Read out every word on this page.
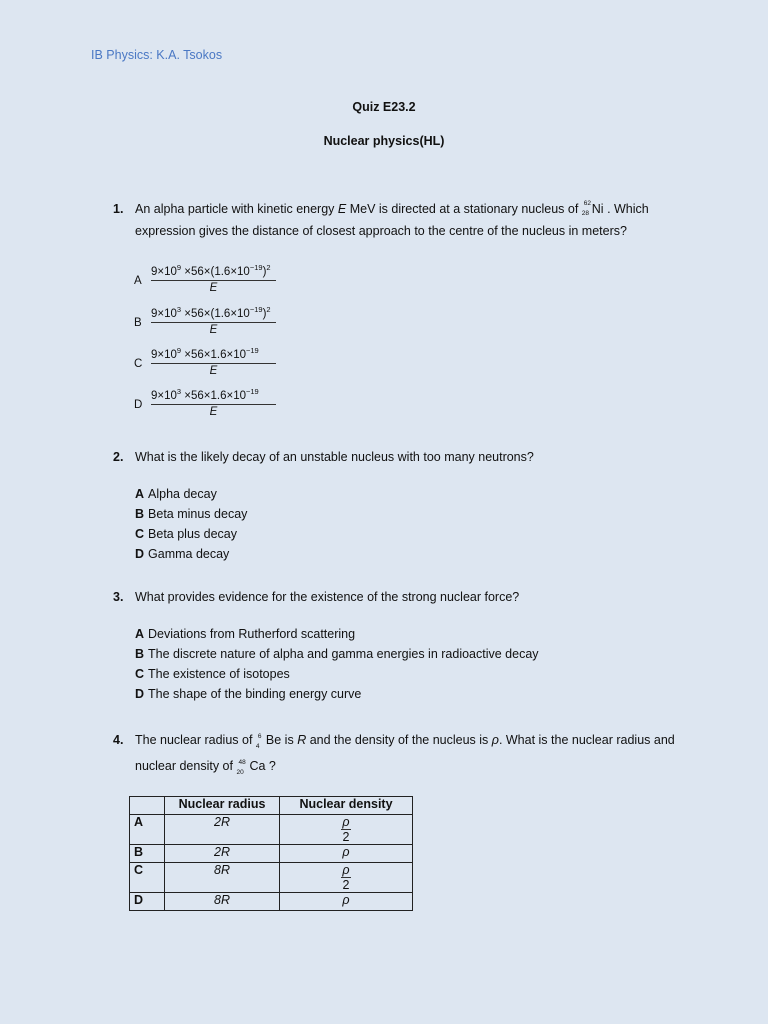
IB Physics: K.A. Tsokos
Quiz E23.2
Nuclear physics(HL)
1. An alpha particle with kinetic energy E MeV is directed at a stationary nucleus of 62
28 Ni . Which expression gives the distance of closest approach to the centre of the nucleus in meters?
A
$9\times 10^9 \times 56\times(1.6\times 10^{-19})^2$
E
B
$9\times 10^3 \times 56\times(1.6\times 10^{-19})^2$
E
C
$9\times 10^9 \times 56\times 1.6\times 10^{-19}$
E
D
$9\times 10^3 \times 56\times 1.6\times 10^{-19}$
E
2. What is the likely decay of an unstable nucleus with too many neutrons?
A Alpha decay
B Beta minus decay
C Beta plus decay
D Gamma decay
3. What provides evidence for the existence of the strong nuclear force?
A Deviations from Rutherford scattering
B The discrete nature of alpha and gamma energies in radioactive decay
C The existence of isotopes
D The shape of the binding energy curve
4. The nuclear radius of 6
4 Be is R and the density of the nucleus is ρ. What is the nuclear radius and nuclear density of 48
20 Ca ?
	Nuclear radius	Nuclear density
A	2R	$\frac{\rho}{2}$
B	2R	ρ
C	8R	$\frac{\rho}{2}$
D	8R	ρ
